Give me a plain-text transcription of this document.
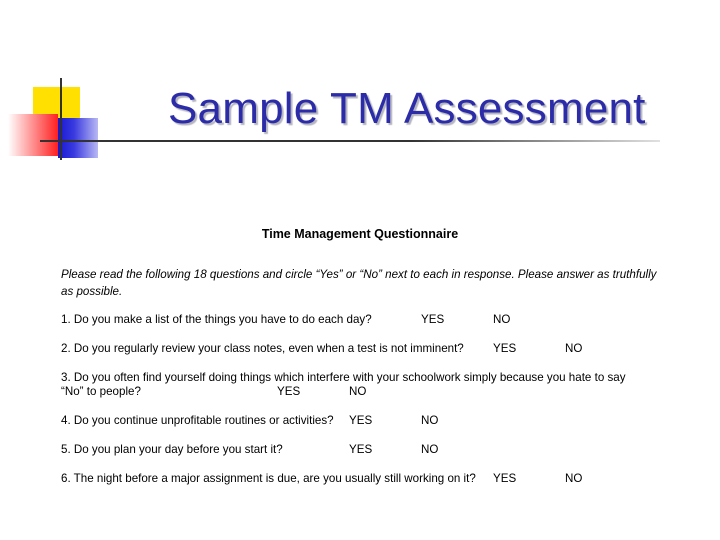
Sample TM Assessment
Time Management Questionnaire
Please read the following 18 questions and circle “Yes” or “No” next to each in response. Please answer as truthfully as possible.
1. Do you make a list of the things you have to do each day?	YES	NO
2. Do you regularly review your class notes, even when a test is not imminent?	YES	NO
3. Do you often find yourself doing things which interfere with your schoolwork simply because you hate to say
“No” to people?	YES	NO
4. Do you continue unprofitable routines or activities? YES	NO
5. Do you plan your day before you start it?	YES	NO
6. The night before a major assignment is due, are you usually still working on it? YES	NO
